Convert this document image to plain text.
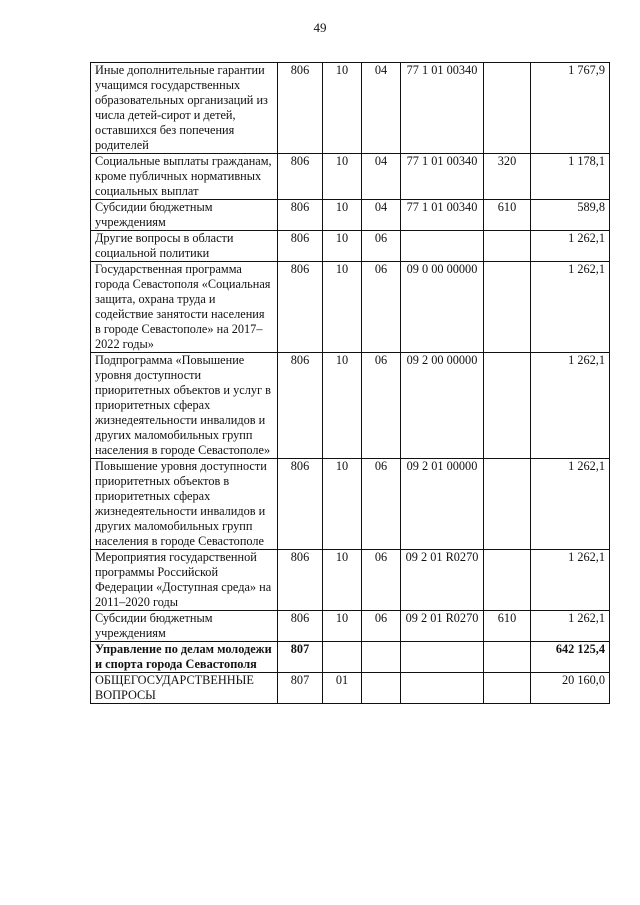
49
Иные дополнительные гарантии учащимся государственных образовательных организаций из числа детей-сирот и детей, оставшихся без попечения родителей	806	10	04	77 1 01 00340		1 767,9
Социальные выплаты гражданам, кроме публичных нормативных социальных выплат	806	10	04	77 1 01 00340	320	1 178,1
Субсидии бюджетным учреждениям	806	10	04	77 1 01 00340	610	589,8
Другие вопросы в области социальной политики	806	10	06			1 262,1
Государственная программа города Севастополя «Социальная защита, охрана труда и содействие занятости населения в городе Севастополе» на 2017–2022 годы»	806	10	06	09 0 00 00000		1 262,1
Подпрограмма «Повышение уровня доступности приоритетных объектов и услуг в приоритетных сферах жизнедеятельности инвалидов и других маломобильных групп населения в городе Севастополе»	806	10	06	09 2 00 00000		1 262,1
Повышение уровня доступности приоритетных объектов в приоритетных сферах жизнедеятельности инвалидов и других маломобильных групп населения в городе Севастополе	806	10	06	09 2 01 00000		1 262,1
Мероприятия государственной программы Российской Федерации «Доступная среда» на 2011–2020 годы	806	10	06	09 2 01 R0270		1 262,1
Субсидии бюджетным учреждениям	806	10	06	09 2 01 R0270	610	1 262,1
Управление по делам молодежи и спорта города Севастополя	807					642 125,4
ОБЩЕГОСУДАРСТВЕННЫЕ ВОПРОСЫ	807	01				20 160,0
